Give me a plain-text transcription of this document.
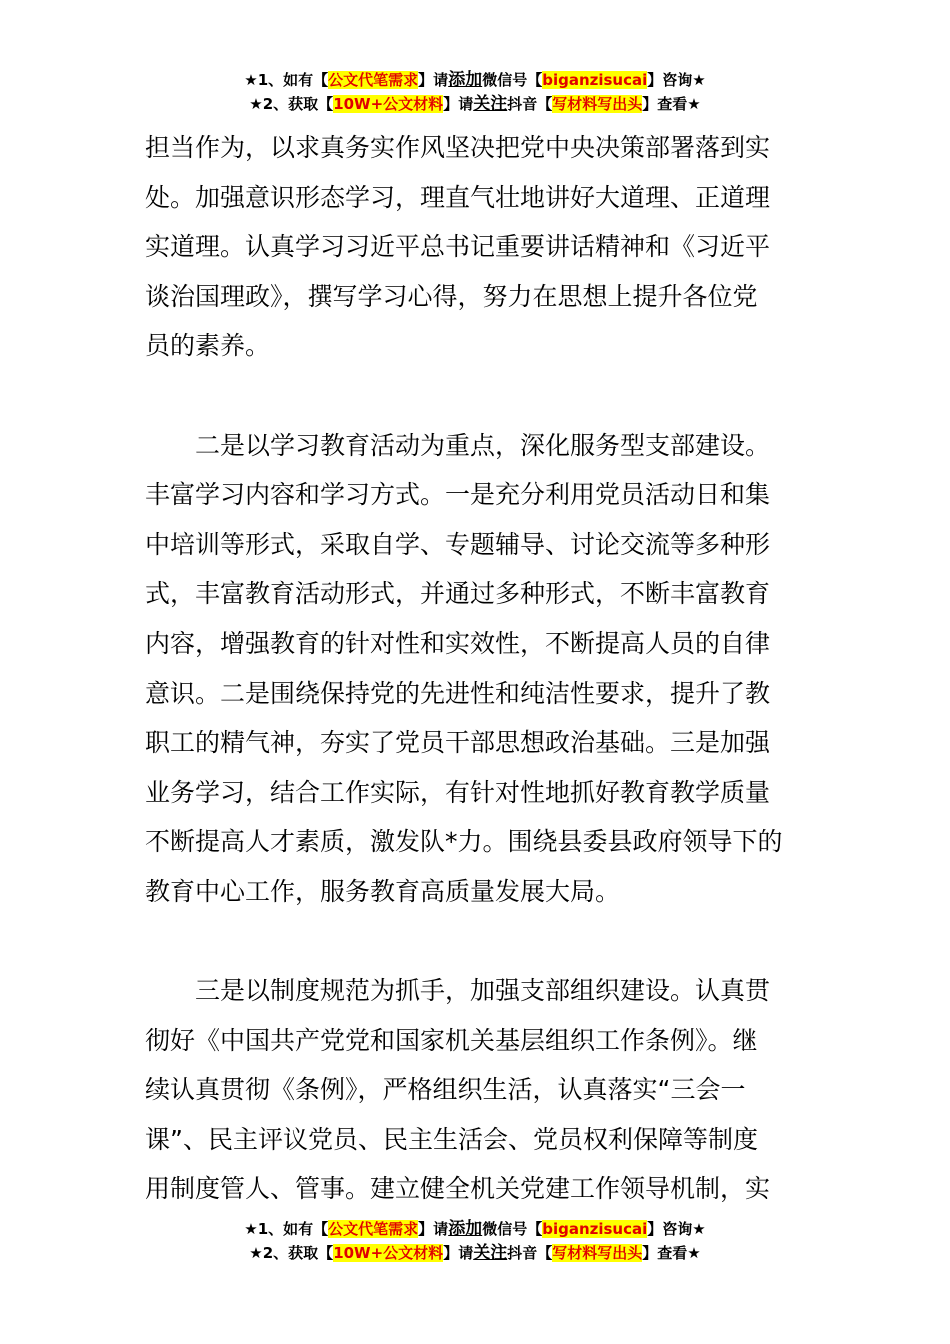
★1、如有【公文代笔需求】请添加微信号【biganzisucai】咨询★
★2、获取【10W+公文材料】请关注抖音【写材料写出头】查看★

担当作为，以求真务实作风坚决把党中央决策部署落到实

处。加强意识形态学习，理直气壮地讲好大道理、正道理

实道理。认真学习习近平总书记重要讲话精神和《习近平

谈治国理政》，撰写学习心得，努力在思想上提升各位党

员的素养。

　　二是以学习教育活动为重点，深化服务型支部建设。

丰富学习内容和学习方式。一是充分利用党员活动日和集

中培训等形式，采取自学、专题辅导、讨论交流等多种形

式，丰富教育活动形式，并通过多种形式，不断丰富教育

内容，增强教育的针对性和实效性，不断提高人员的自律

意识。二是围绕保持党的先进性和纯洁性要求，提升了教

职工的精气神，夯实了党员干部思想政治基础。三是加强

业务学习，结合工作实际，有针对性地抓好教育教学质量

不断提高人才素质，激发队*力。围绕县委县政府领导下的

教育中心工作，服务教育高质量发展大局。

　　三是以制度规范为抓手，加强支部组织建设。认真贯

彻好《中国共产党党和国家机关基层组织工作条例》。继

续认真贯彻《条例》，严格组织生活，认真落实“三会一

课”、民主评议党员、民主生活会、党员权利保障等制度

用制度管人、管事。建立健全机关党建工作领导机制，实

★1、如有【公文代笔需求】请添加微信号【biganzisucai】咨询★
★2、获取【10W+公文材料】请关注抖音【写材料写出头】查看★
